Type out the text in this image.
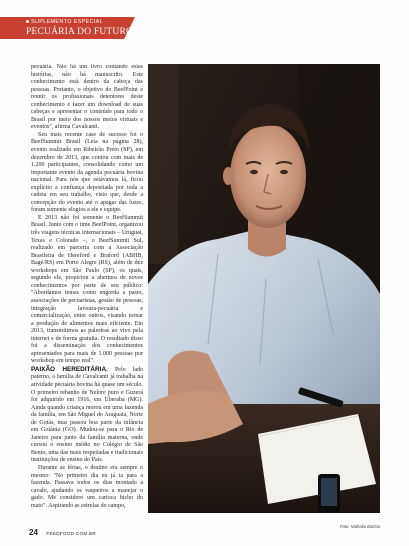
SUPLEMENTO ESPECIAL
PECUÁRIA DO FUTURO

pecuária. Não há um livro contando estas histórias, não há manuscrito. Este conhecimento está dentro da cabeça das pessoas. Portanto, o objetivo do BeefPoint é reunir os profissionais detentores deste conhecimento e fazer um download de suas cabeças e apresentar o conteúdo para todo o Brasil por meio dos nossos meios virtuais e eventos", afirma Cavalcanti.

Seu mais recente case de sucesso foi o BeefSummit Brasil (Leia na página 28), evento realizado em Ribeirão Preto (SP), em dezembro de 2013, que contou com mais de 1.200 participantes, consolidando como um importante evento da agenda pecuária bovina nacional. Para nós que estávamos lá, ficou explícito a confiança depositada por toda a cadeia em seu trabalho, visto que, desde a concepção do evento até o apagar das luzes, foram somente elogios a ele e equipe.

E 2013 não foi somente o BeefSummit Brasil. Junto com o time BeefPoint, organizou três viagens técnicas internacionais – Uruguai, Texas e Colorado –, o BeefSummit Sul, realizado em parceria com a Associação Brasileira de Hereford e Braford (ABHB, Bagé/RS) em Porto Alegre (RS), além de dez workshops em São Paulo (SP), os quais, segundo ele, propiciou a abertura de novos conhecimentos por parte de seu público: "Abordamos temas como engorda a pasto, associações de pecuaristas, gestão de pessoas, integração lavoura-pecuária e comercialização, entre outros, visando tornar a produção de alimentos mais eficiente. Em 2013, transmitimos as palestras ao vivo pela internet e de forma gratuita. O resultado disso foi a disseminação dos conhecimentos apresentados para mais de 1.000 pessoas por workshop em tempo real".

PAIXÃO HEREDITÁRIA. Pelo lado paterno, a família de Cavalcanti já trabalha na atividade pecuária bovina há quase um século. O primeiro rebanho de Nelore puro e Guzerá foi adquirido em 1916, em Uberaba (MG). Ainda quando criança morou em uma fazenda da família, em São Miguel do Araguaia, Norte de Goiás, mas passou boa parte da infância em Goiânia (GO). Mudou-se para o Rio de Janeiro para junto da família materna, onde cursou o ensino médio no Colégio de São Bento, uma das mais respeitadas e tradicionais instituições de ensino do País.

Durante as férias, o destino era sempre o mesmo: "No primeiro dia eu já ia para a fazenda. Passava todos os dias montado a cavalo, ajudando os vaqueiros a manejar o gado. Me considero um carioca bicho do mato". Aspirando as estrelas do campo,

24 FEEDFOOD.COM.BR
Foto: Nathalia Batista
